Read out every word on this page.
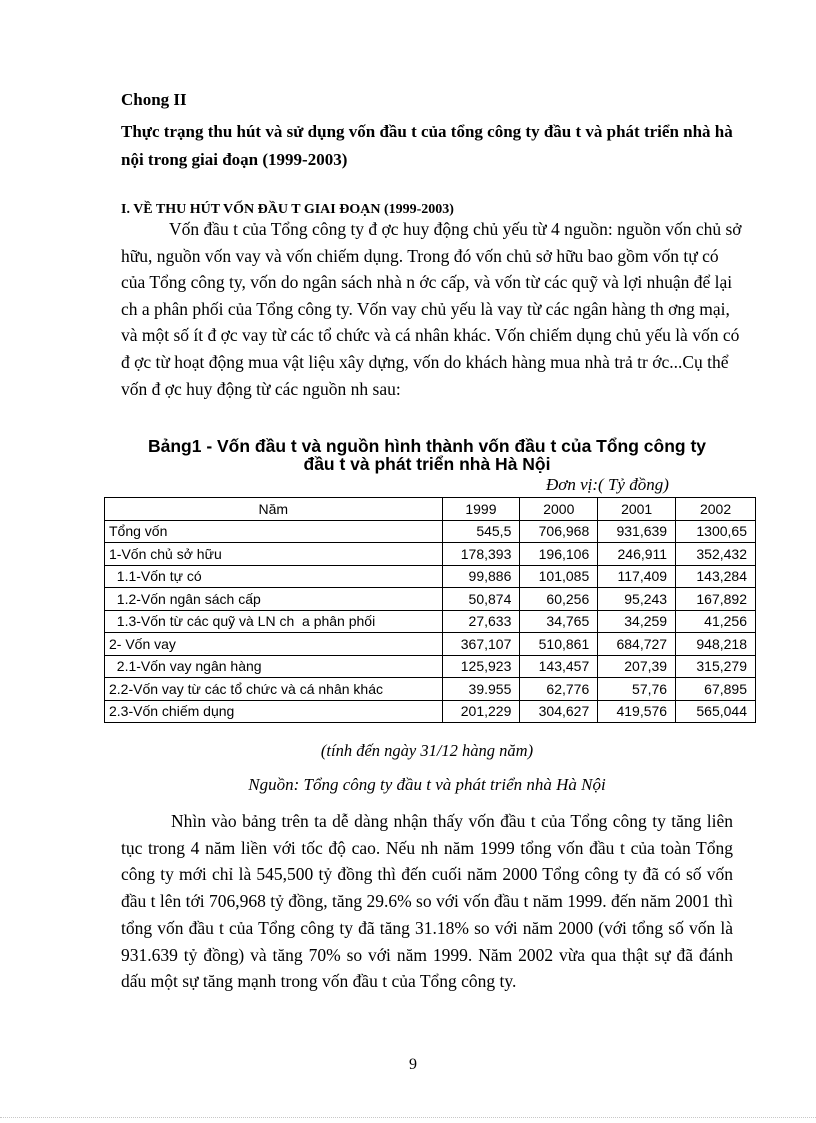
Chong II
Thực trạng thu hút và sử dụng vốn đầu t của tổng công ty đầu t và phát triển nhà hà nội trong giai đoạn (1999-2003)
I. VỀ THU HÚT VỐN ĐẦU T GIAI ĐOẠN (1999-2003)

Vốn đầu t của Tổng công ty đ ợc huy động chủ yếu từ 4 nguồn: nguồn vốn chủ sở hữu, nguồn vốn vay và vốn chiếm dụng. Trong đó vốn chủ sở hữu bao gồm vốn tự có của Tổng công ty, vốn do ngân sách nhà n ớc cấp, và vốn từ các quỹ và lợi nhuận để lại ch a phân phối của Tổng công ty. Vốn vay chủ yếu là vay từ các ngân hàng th ơng mại, và một số ít đ ợc vay từ các tổ chức và cá nhân khác. Vốn chiếm dụng chủ yếu là vốn có đ ợc từ hoạt động mua vật liệu xây dựng, vốn do khách hàng mua nhà trả tr ớc...Cụ thể vốn đ ợc huy động từ các nguồn nh sau:

Bảng1 - Vốn đầu t và nguồn hình thành vốn đầu t của Tổng công ty
đầu t và phát triển nhà Hà Nội
Đơn vị:( Tỷ đồng)
Năm	1999	2000	2001	2002
Tổng vốn	545,5	706,968	931,639	1300,65
1-Vốn chủ sở hữu	178,393	196,106	246,911	352,432
1.1-Vốn tự có	99,886	101,085	117,409	143,284
1.2-Vốn ngân sách cấp	50,874	60,256	95,243	167,892
1.3-Vốn từ các quỹ và LN ch  a phân phối	27,633	34,765	34,259	41,256
2- Vốn vay	367,107	510,861	684,727	948,218
2.1-Vốn vay ngân hàng	125,923	143,457	207,39	315,279
2.2-Vốn vay từ các tổ chức và cá nhân khác	39.955	62,776	57,76	67,895
2.3-Vốn chiếm dụng	201,229	304,627	419,576	565,044
(tính đến ngày 31/12 hàng năm)
Nguồn: Tổng công ty đầu t và phát triển nhà Hà Nội

Nhìn vào bảng trên ta dễ dàng nhận thấy vốn đầu t của Tổng công ty tăng liên tục trong 4 năm liền với tốc độ cao. Nếu nh năm 1999 tổng vốn đầu t của toàn Tổng công ty mới chỉ là 545,500 tỷ đồng thì đến cuối năm 2000 Tổng công ty đã có số vốn đầu t lên tới 706,968 tỷ đồng, tăng 29.6% so với vốn đầu t năm 1999. đến năm 2001 thì tổng vốn đầu t của Tổng công ty đã tăng 31.18% so với năm 2000 (với tổng số vốn là 931.639 tỷ đồng) và tăng 70% so với năm 1999. Năm 2002 vừa qua thật sự đã đánh dấu một sự tăng mạnh trong vốn đầu t của Tổng công ty.

9
